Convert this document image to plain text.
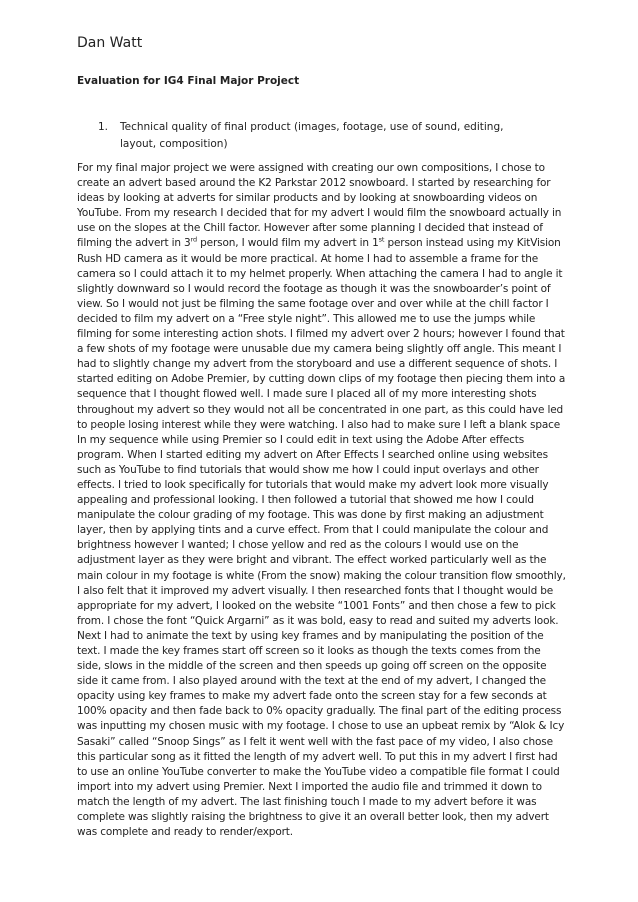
Dan Watt
Evaluation for IG4 Final Major Project
1.	Technical quality of final product (images, footage, use of sound, editing, layout, composition)
For my final major project we were assigned with creating our own compositions, I chose to create an advert based around the K2 Parkstar 2012 snowboard. I started by researching for ideas by looking at adverts for similar products and by looking at snowboarding videos on YouTube. From my research I decided that for my advert I would film the snowboard actually in use on the slopes at the Chill factor. However after some planning I decided that instead of filming the advert in 3rd person, I would film my advert in 1st person instead using my KitVision Rush HD camera as it would be more practical. At home I had to assemble a frame for the camera so I could attach it to my helmet properly. When attaching the camera I had to angle it slightly downward so I would record the footage as though it was the snowboarder’s point of view. So I would not just be filming the same footage over and over while at the chill factor I decided to film my advert on a “Free style night”. This allowed me to use the jumps while filming for some interesting action shots. I filmed my advert over 2 hours; however I found that a few shots of my footage were unusable due my camera being slightly off angle. This meant I had to slightly change my advert from the storyboard and use a different sequence of shots. I started editing on Adobe Premier, by cutting down clips of my footage then piecing them into a sequence that I thought flowed well. I made sure I placed all of my more interesting shots throughout my advert so they would not all be concentrated in one part, as this could have led to people losing interest while they were watching. I also had to make sure I left a blank space In my sequence while using Premier so I could edit in text using the Adobe After effects program. When I started editing my advert on After Effects I searched online using websites such as YouTube to find tutorials that would show me how I could input overlays and other effects. I tried to look specifically for tutorials that would make my advert look more visually appealing and professional looking. I then followed a tutorial that showed me how I could manipulate the colour grading of my footage. This was done by first making an adjustment layer, then by applying tints and a curve effect. From that I could manipulate the colour and brightness however I wanted; I chose yellow and red as the colours I would use on the adjustment layer as they were bright and vibrant. The effect worked particularly well as the main colour in my footage is white (From the snow) making the colour transition flow smoothly, I also felt that it improved my advert visually. I then researched fonts that I thought would be appropriate for my advert, I looked on the website “1001 Fonts” and then chose a few to pick from. I chose the font “Quick Argarni” as it was bold, easy to read and suited my adverts look. Next I had to animate the text by using key frames and by manipulating the position of the text. I made the key frames start off screen so it looks as though the texts comes from the side, slows in the middle of the screen and then speeds up going off screen on the opposite side it came from. I also played around with the text at the end of my advert, I changed the opacity using key frames to make my advert fade onto the screen stay for a few seconds at 100% opacity and then fade back to 0% opacity gradually. The final part of the editing process was inputting my chosen music with my footage. I chose to use an upbeat remix by “Alok & Icy Sasaki” called “Snoop Sings” as I felt it went well with the fast pace of my video, I also chose this particular song as it fitted the length of my advert well. To put this in my advert I first had to use an online YouTube converter to make the YouTube video a compatible file format I could import into my advert using Premier. Next I imported the audio file and trimmed it down to match the length of my advert. The last finishing touch I made to my advert before it was complete was slightly raising the brightness to give it an overall better look, then my advert was complete and ready to render/export.
